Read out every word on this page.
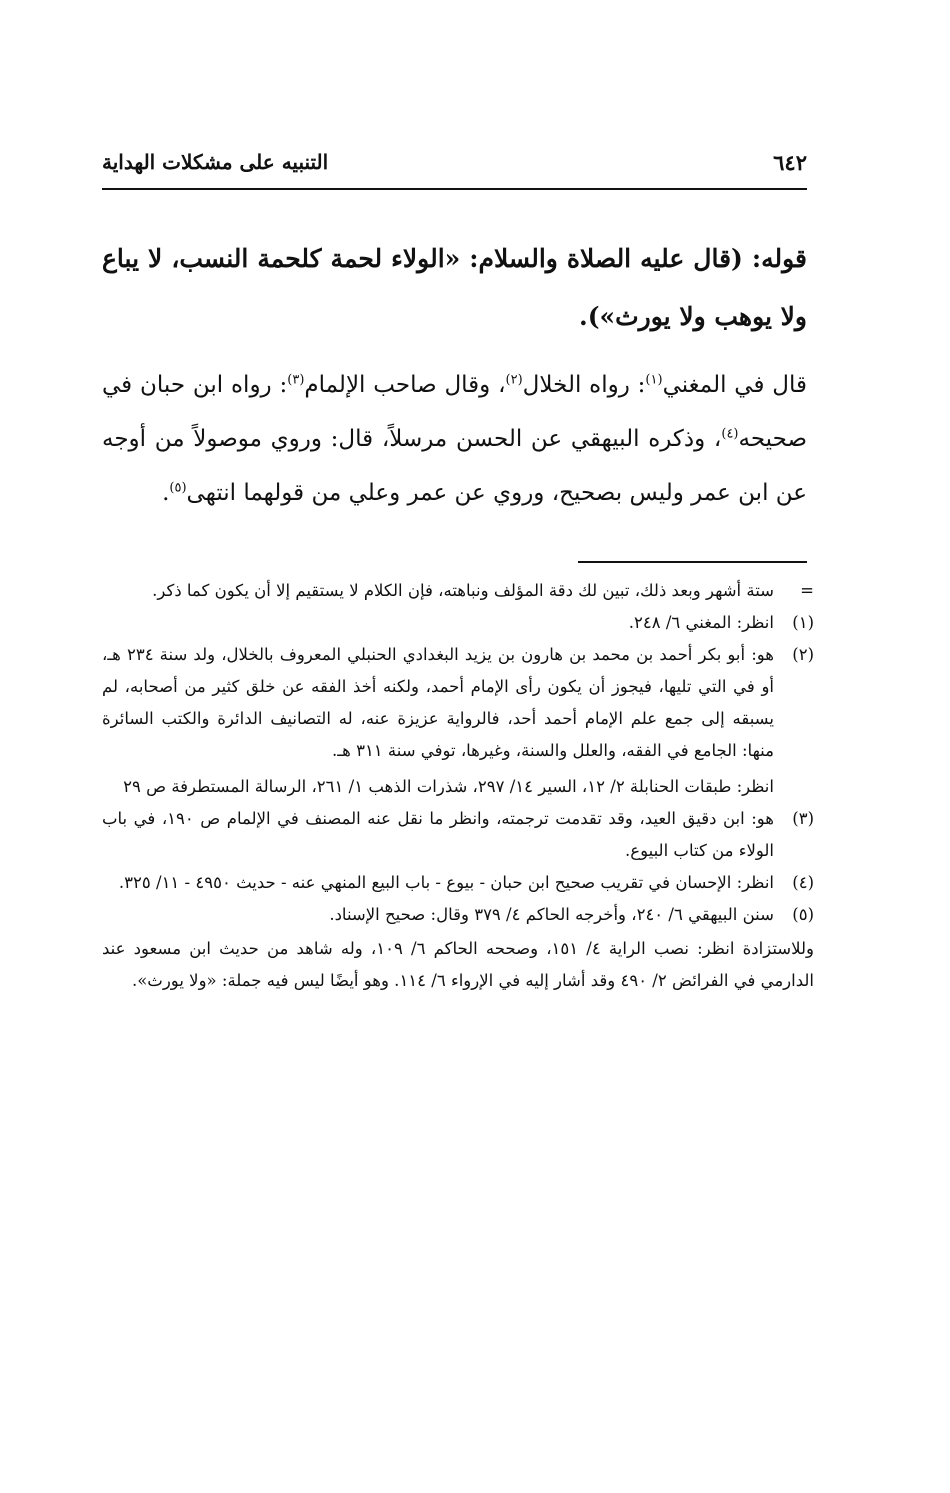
٦٤٢
التنبيه على مشكلات الهداية

قوله: (قال عليه الصلاة والسلام: «الولاء لحمة كلحمة النسب، لا يباع ولا يوهب ولا يورث»).

قال في المغني$^{(١)}$: رواه الخلال$^{(٢)}$، وقال صاحب الإلمام$^{(٣)}$: رواه ابن حبان في صحيحه$^{(٤)}$، وذكره البيهقي عن الحسن مرسلاً، قال: وروي موصولاً من أوجه عن ابن عمر وليس بصحيح، وروي عن عمر وعلي من قولهما انتهى$^{(٥)}$.

=
ستة أشهر وبعد ذلك، تبين لك دقة المؤلف ونباهته، فإن الكلام لا يستقيم إلا أن يكون كما ذكر.
(١)
انظر: المغني ٦/ ٢٤٨.
(٢)
هو: أبو بكر أحمد بن محمد بن هارون بن يزيد البغدادي الحنبلي المعروف بالخلال، ولد سنة ٢٣٤ هـ، أو في التي تليها، فيجوز أن يكون رأى الإمام أحمد، ولكنه أخذ الفقه عن خلق كثير من أصحابه، لم يسبقه إلى جمع علم الإمام أحمد أحد، فالرواية عزيزة عنه، له التصانيف الدائرة والكتب السائرة منها: الجامع في الفقه، والعلل والسنة، وغيرها، توفي سنة ٣١١ هـ.
انظر: طبقات الحنابلة ٢/ ١٢، السير ١٤/ ٢٩٧، شذرات الذهب ١/ ٢٦١، الرسالة المستطرفة ص ٢٩
(٣)
هو: ابن دقيق العيد، وقد تقدمت ترجمته، وانظر ما نقل عنه المصنف في الإلمام ص ١٩٠، في باب الولاء من كتاب البيوع.
(٤)
انظر: الإحسان في تقريب صحيح ابن حبان - بيوع - باب البيع المنهي عنه - حديث ٤٩٥٠ - ١١/ ٣٢٥.
(٥)
سنن البيهقي ٦/ ٢٤٠، وأخرجه الحاكم ٤/ ٣٧٩ وقال: صحيح الإسناد.
وللاستزادة انظر: نصب الراية ٤/ ١٥١، وصححه الحاكم ٦/ ١٠٩، وله شاهد من حديث ابن مسعود عند الدارمي في الفرائض ٢/ ٤٩٠ وقد أشار إليه في الإرواء ٦/ ١١٤. وهو أيضًا ليس فيه جملة: «ولا يورث».
